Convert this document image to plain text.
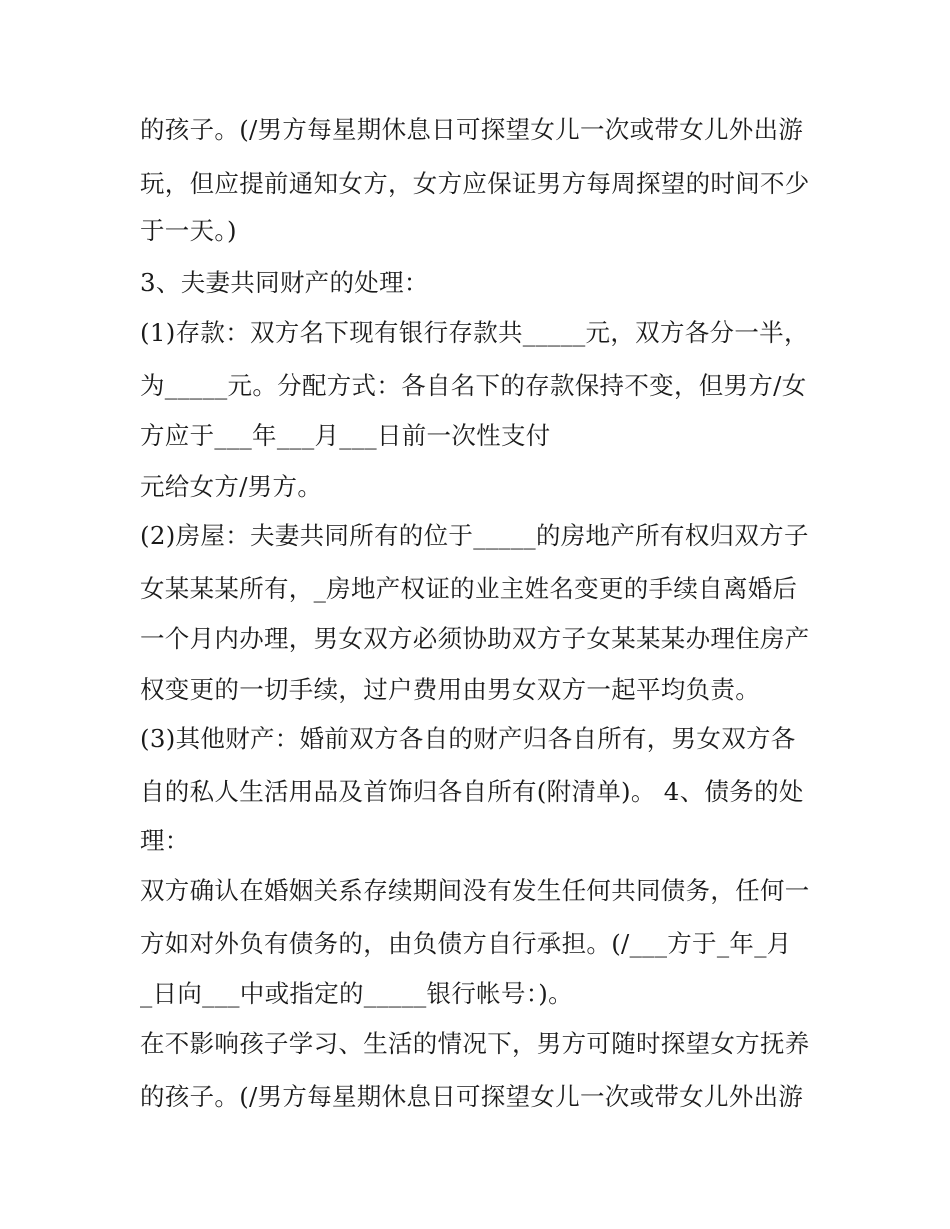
的孩子。(/男方每星期休息日可探望女儿一次或带女儿外出游
玩，但应提前通知女方，女方应保证男方每周探望的时间不少
于一天。)
3、夫妻共同财产的处理：
(1)存款：双方名下现有银行存款共_____元，双方各分一半，
为_____元。分配方式：各自名下的存款保持不变，但男方/女
方应于___年___月___日前一次性支付
元给女方/男方。
(2)房屋：夫妻共同所有的位于_____的房地产所有权归双方子
女某某某所有，_房地产权证的业主姓名变更的手续自离婚后
一个月内办理，男女双方必须协助双方子女某某某办理住房产
权变更的一切手续，过户费用由男女双方一起平均负责。
(3)其他财产：婚前双方各自的财产归各自所有，男女双方各
自的私人生活用品及首饰归各自所有(附清单)。 4、债务的处
理：
双方确认在婚姻关系存续期间没有发生任何共同债务，任何一
方如对外负有债务的，由负债方自行承担。(/___方于_年_月
_日向___中或指定的_____银行帐号：)。
在不影响孩子学习、生活的情况下，男方可随时探望女方抚养
的孩子。(/男方每星期休息日可探望女儿一次或带女儿外出游
